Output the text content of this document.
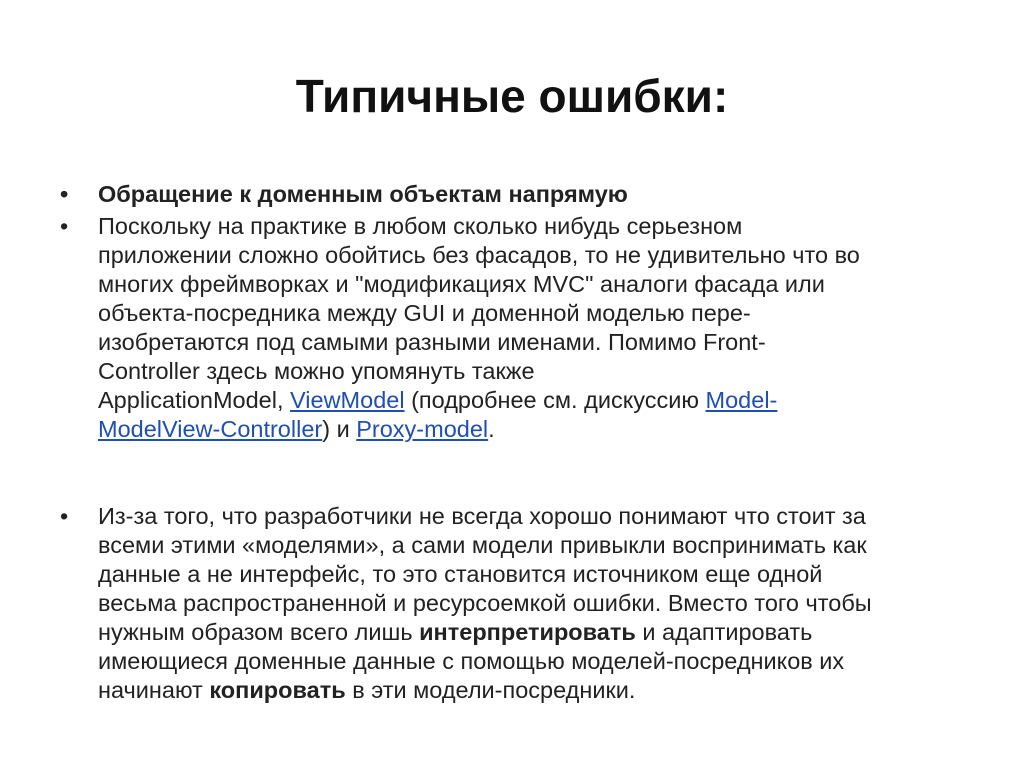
Типичные ошибки:
• Обращение к доменным объектам напрямую
• Поскольку на практике в любом сколько нибудь серьезном
приложении сложно обойтись без фасадов, то не удивительно что во
многих фреймворках и "модификациях MVC" аналоги фасада или
объекта-посредника между GUI и доменной моделью пере-
изобретаются под самыми разными именами. Помимо Front-
Controller здесь можно упомянуть также
ApplicationModel, ViewModel (подробнее см. дискуссию Model-
ModelView-Controller) и Proxy-model.
• Из-за того, что разработчики не всегда хорошо понимают что стоит за
всеми этими «моделями», а сами модели привыкли воспринимать как
данные а не интерфейс, то это становится источником еще одной
весьма распространенной и ресурсоемкой ошибки. Вместо того чтобы
нужным образом всего лишь интерпретировать и адаптировать
имеющиеся доменные данные с помощью моделей-посредников их
начинают копировать в эти модели-посредники.
